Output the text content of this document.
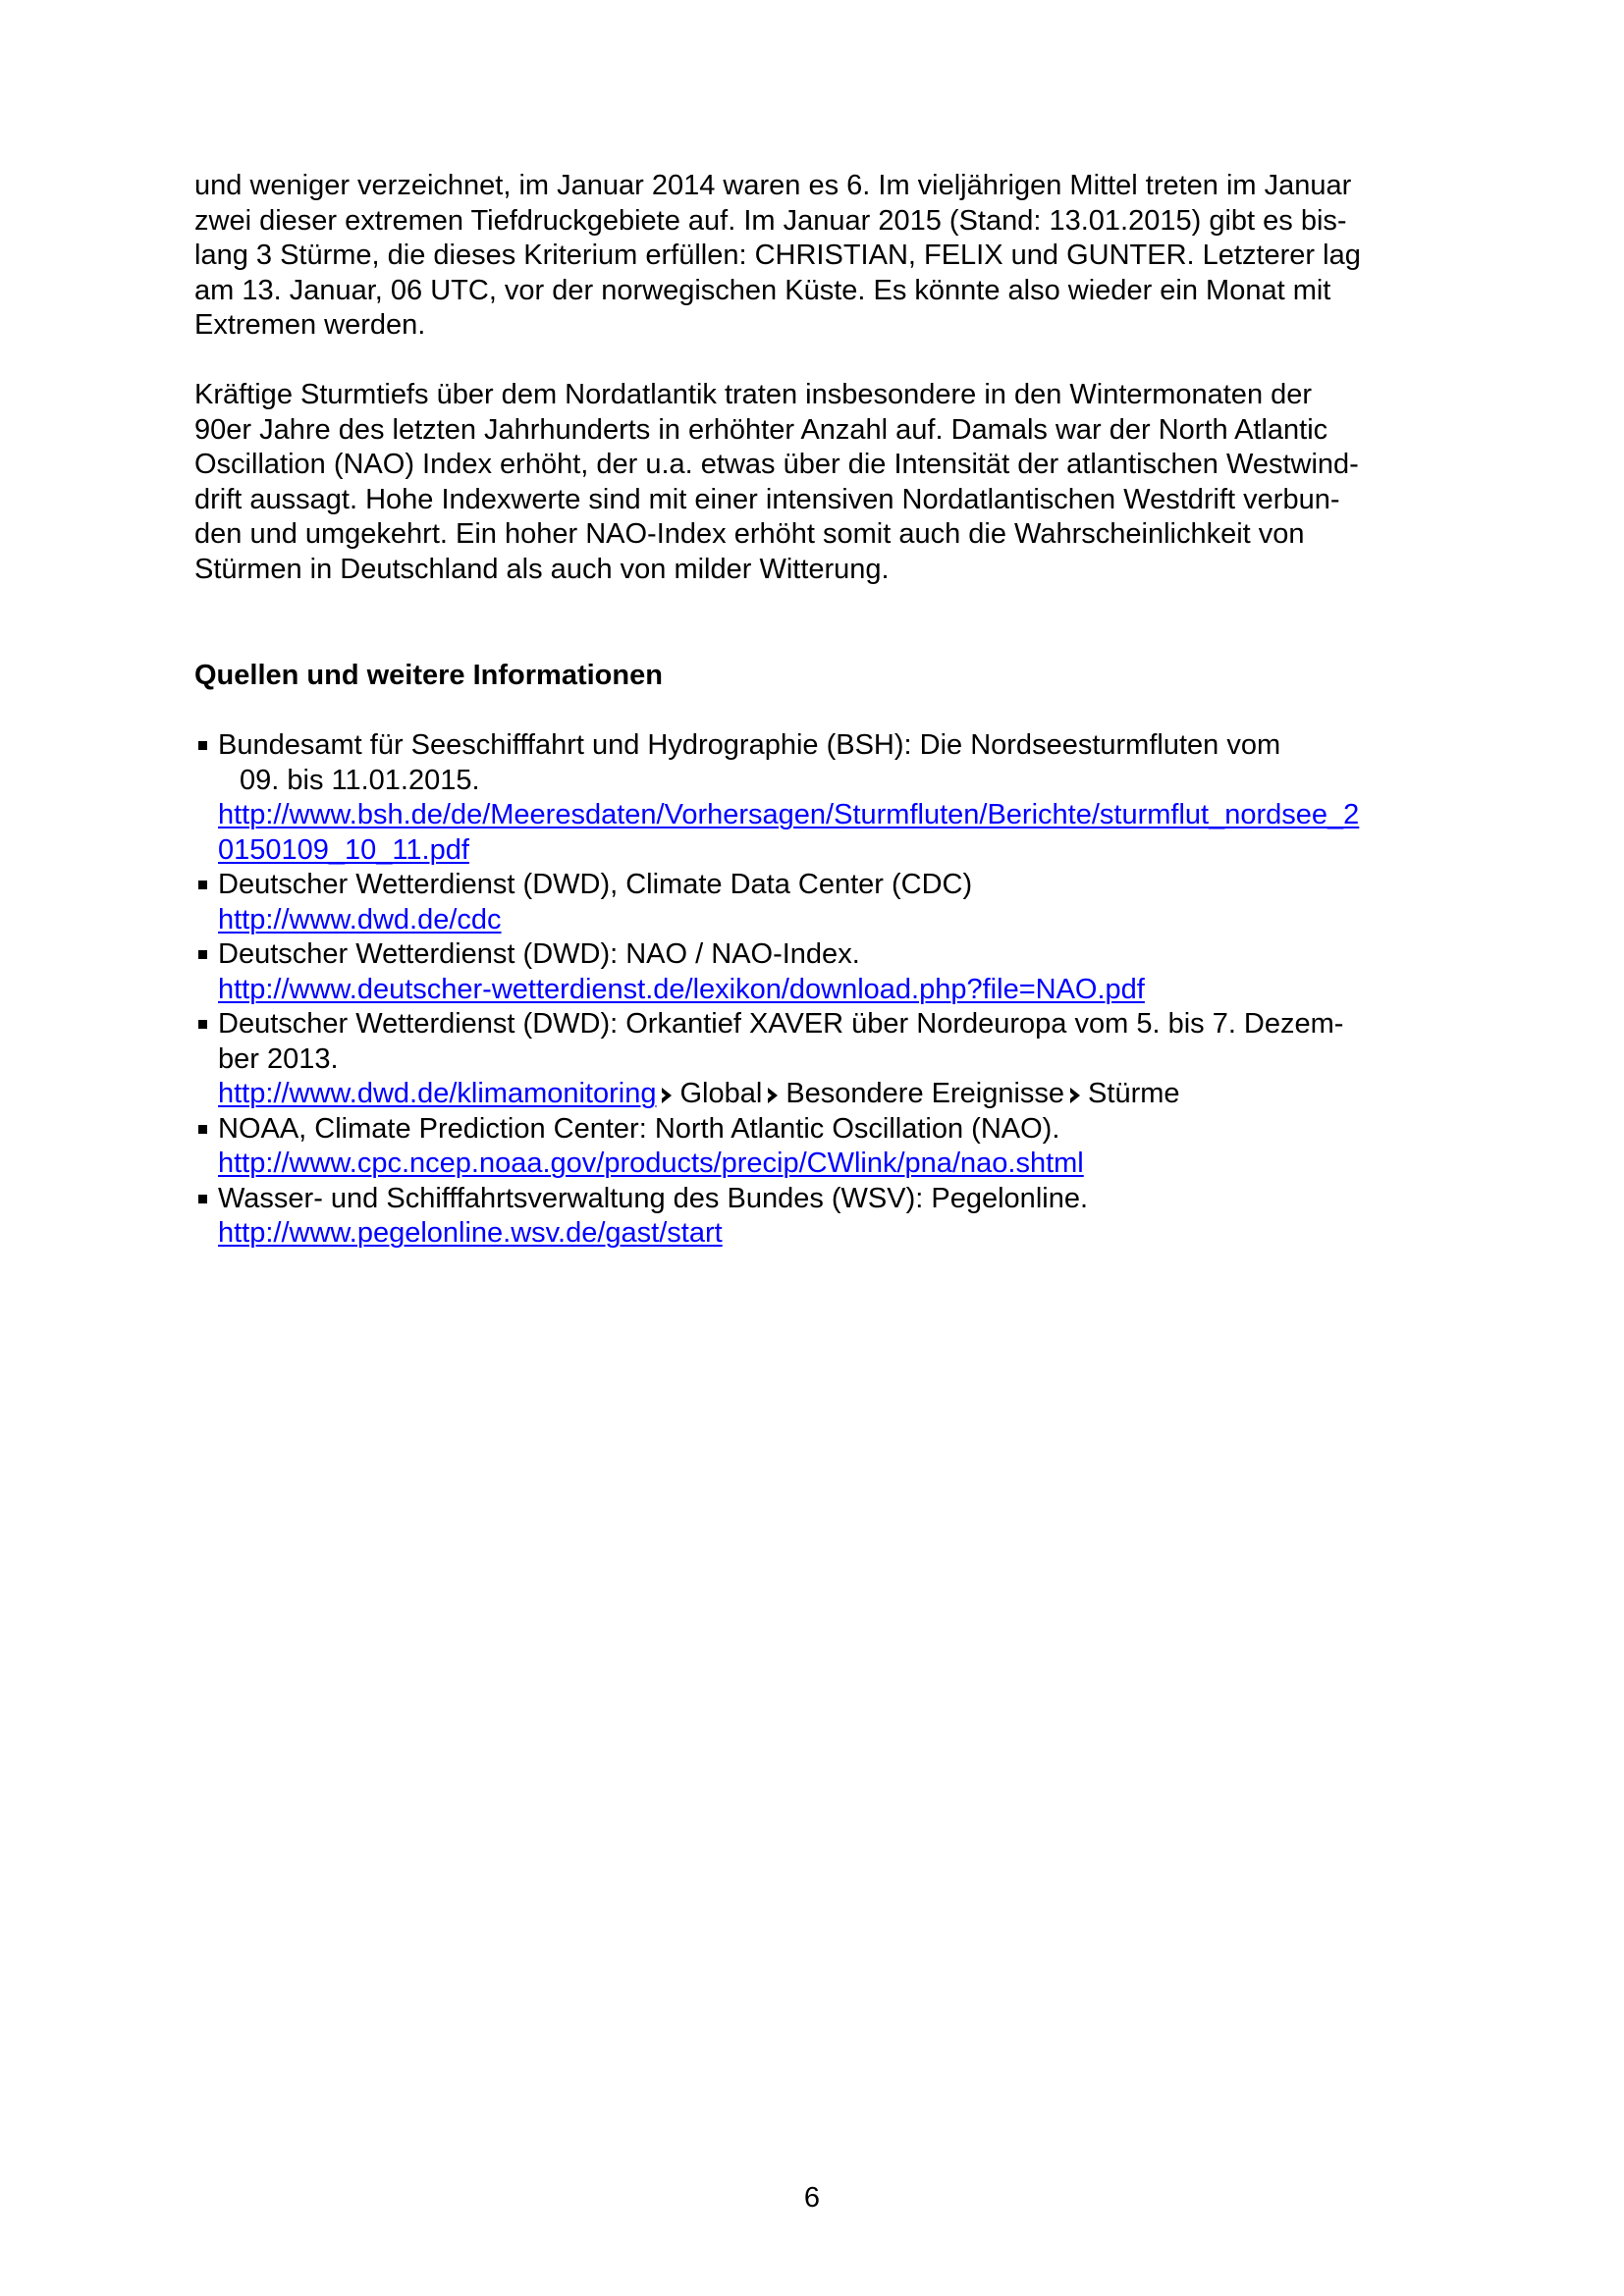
und weniger verzeichnet, im Januar 2014 waren es 6. Im vieljährigen Mittel treten im Januar

zwei dieser extremen Tiefdruckgebiete auf. Im Januar 2015 (Stand: 13.01.2015) gibt es bis-

lang 3 Stürme, die dieses Kriterium erfüllen: CHRISTIAN, FELIX und GUNTER. Letzterer lag

am 13. Januar, 06 UTC, vor der norwegischen Küste. Es könnte also wieder ein Monat mit

Extremen werden.

Kräftige Sturmtiefs über dem Nordatlantik traten insbesondere in den Wintermonaten der

90er Jahre des letzten Jahrhunderts in erhöhter Anzahl auf. Damals war der North Atlantic

Oscillation (NAO) Index erhöht, der u.a. etwas über die Intensität der atlantischen Westwind-

drift aussagt. Hohe Indexwerte sind mit einer intensiven Nordatlantischen Westdrift verbun-

den und umgekehrt. Ein hoher NAO-Index erhöht somit auch die Wahrscheinlichkeit von

Stürmen in Deutschland als auch von milder Witterung.

Quellen und weitere Informationen

Bundesamt für Seeschifffahrt und Hydrographie (BSH): Die Nordseesturmfluten vom

09. bis 11.01.2015.

http://www.bsh.de/de/Meeresdaten/Vorhersagen/Sturmfluten/Berichte/sturmflut_nordsee_2

0150109_10_11.pdf

Deutscher Wetterdienst (DWD), Climate Data Center (CDC)

http://www.dwd.de/cdc

Deutscher Wetterdienst (DWD): NAO / NAO-Index.

http://www.deutscher-wetterdienst.de/lexikon/download.php?file=NAO.pdf

Deutscher Wetterdienst (DWD): Orkantief XAVER über Nordeuropa vom 5. bis 7. Dezem-

ber 2013.

http://www.dwd.de/klimamonitoring Global Besondere Ereignisse Stürme

NOAA, Climate Prediction Center: North Atlantic Oscillation (NAO).

http://www.cpc.ncep.noaa.gov/products/precip/CWlink/pna/nao.shtml

Wasser- und Schifffahrtsverwaltung des Bundes (WSV): Pegelonline.

http://www.pegelonline.wsv.de/gast/start

6
